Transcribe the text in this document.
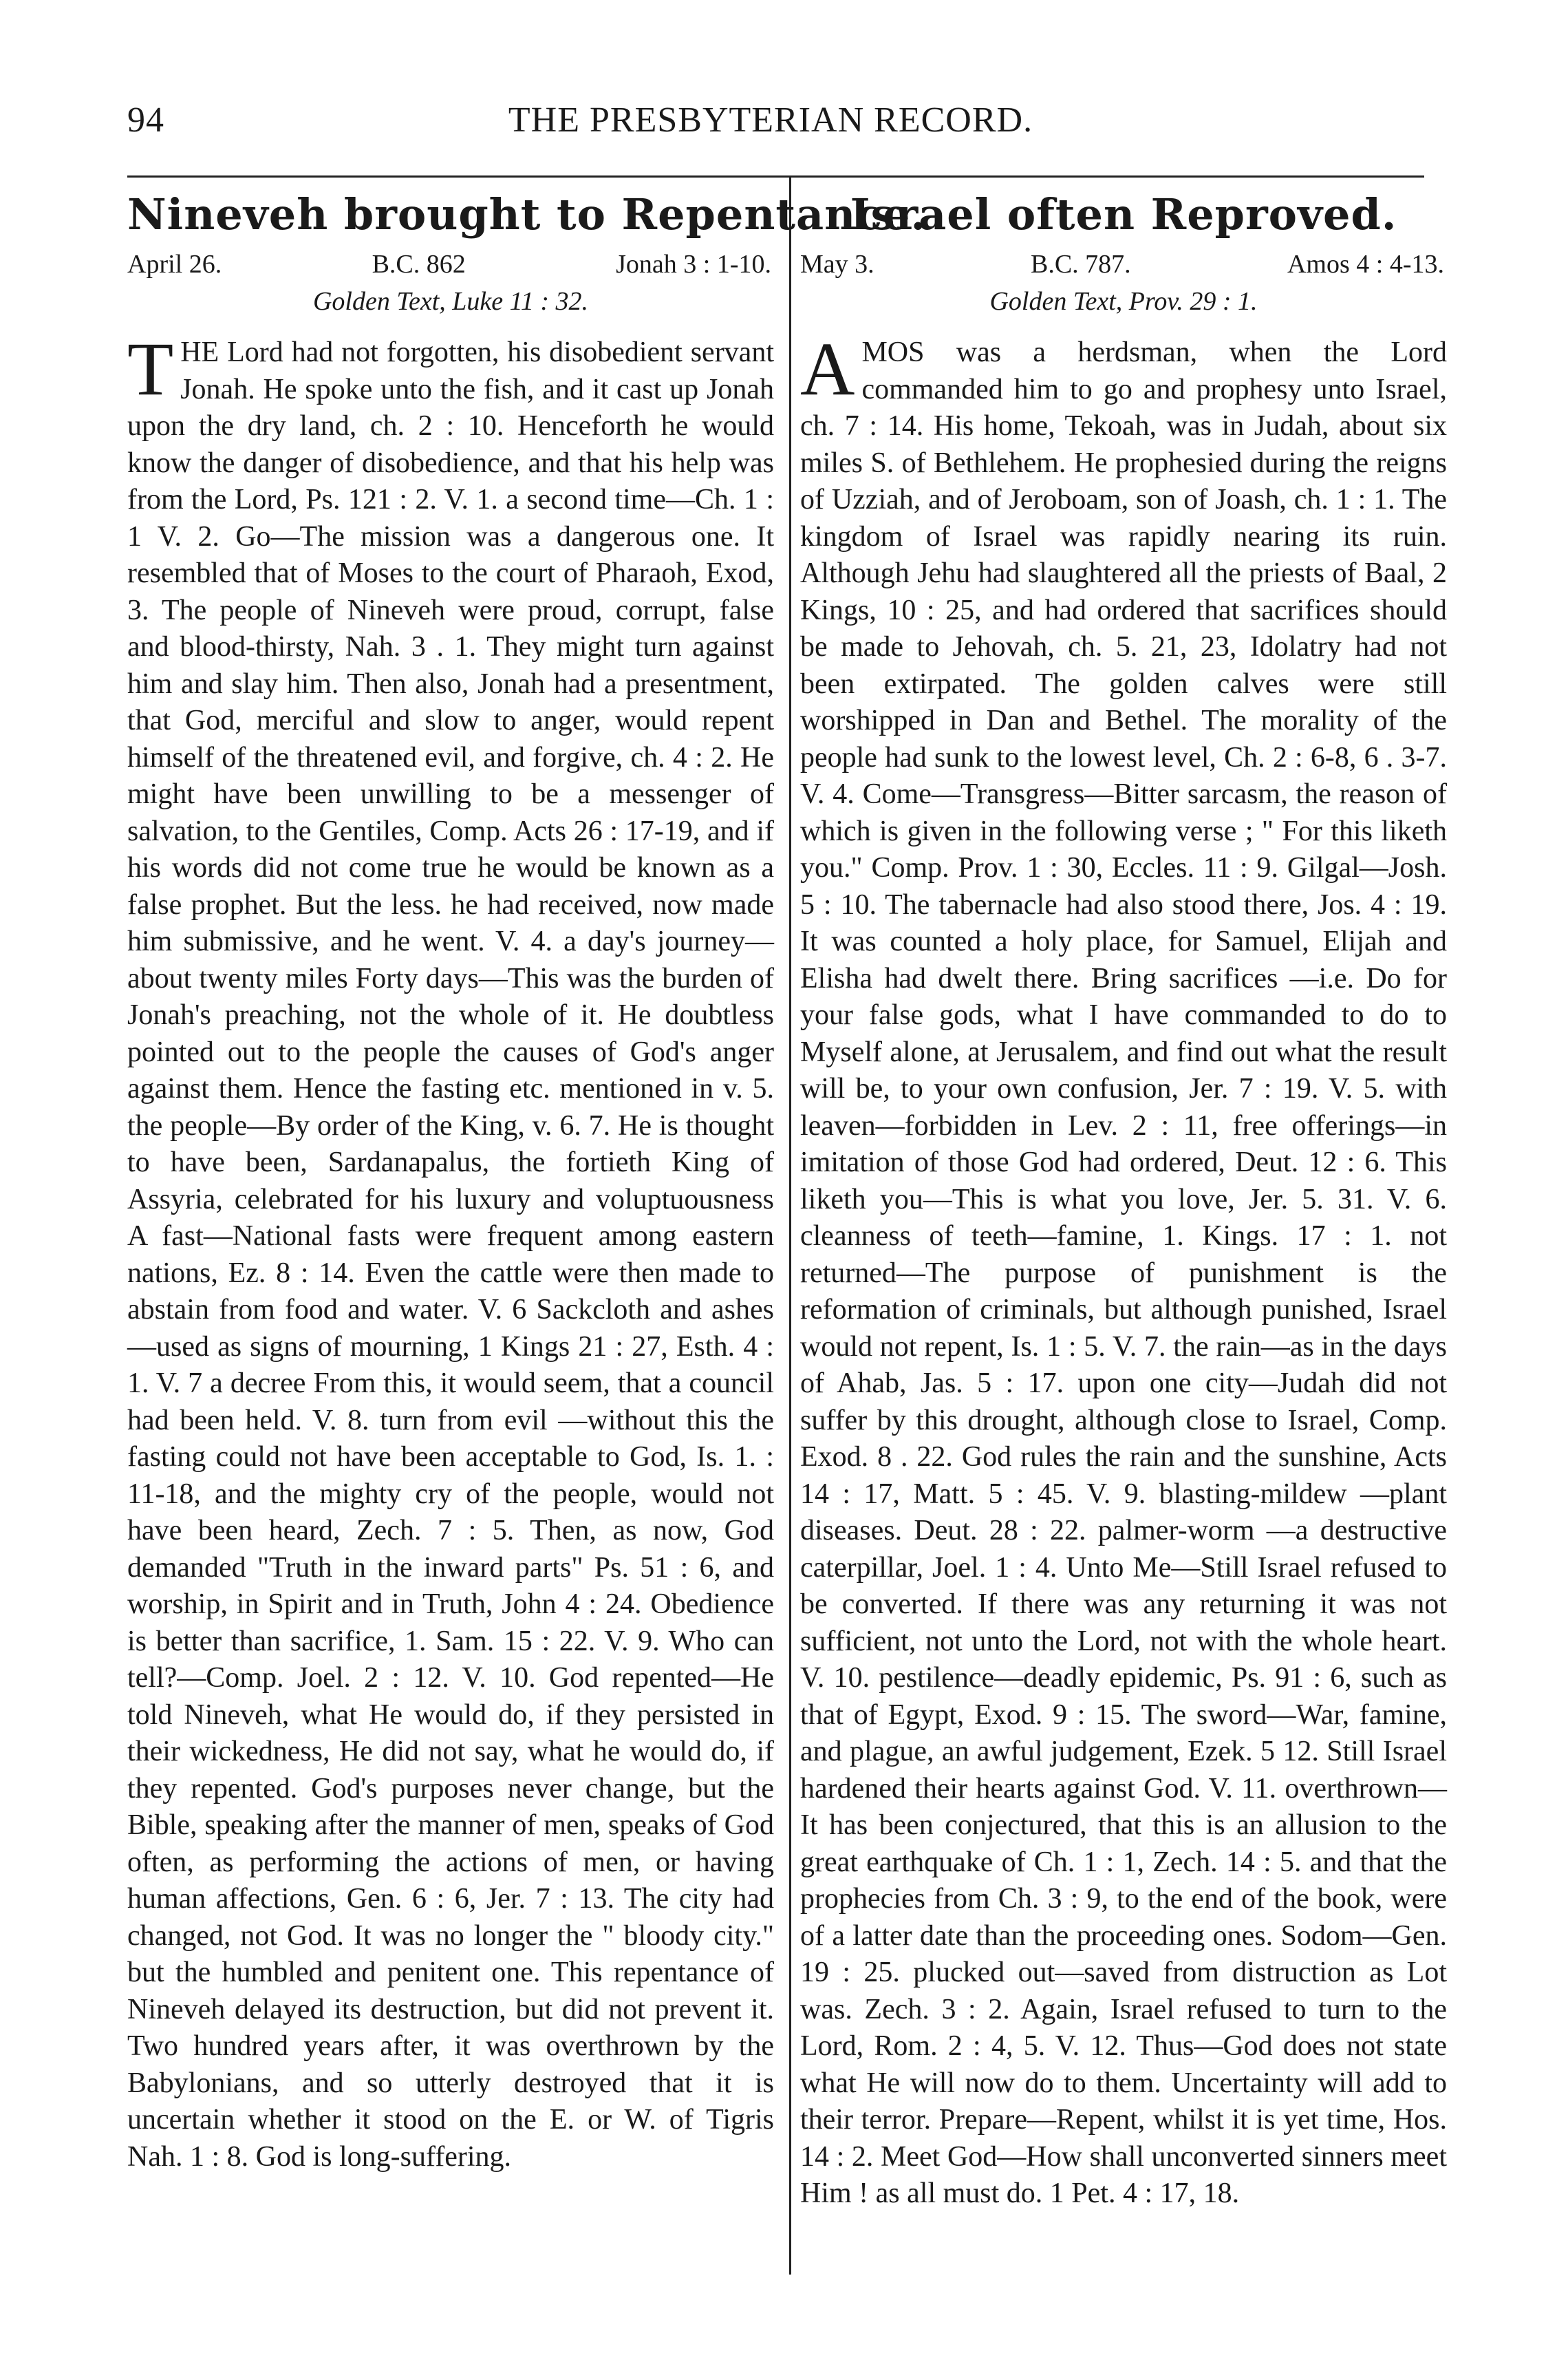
94	THE PRESBYTERIAN RECORD.
Nineveh brought to Repentance.
April 26.	B.C. 862	Jonah 3 : 1-10.
Golden Text, Luke 11 : 32.

THE Lord had not forgotten, his disobedient servant Jonah. He spoke unto the fish, and it cast up Jonah upon the dry land, ch. 2 : 10. Henceforth he would know the danger of disobedience, and that his help was from the Lord, Ps. 121 : 2. V. 1. a second time—Ch. 1 : 1 V. 2. Go—The mission was a dangerous one. It resembled that of Moses to the court of Pharaoh, Exod, 3. The people of Nineveh were proud, corrupt, false and blood-thirsty, Nah. 3 . 1. They might turn against him and slay him. Then also, Jonah had a presentment, that God, merciful and slow to anger, would repent himself of the threatened evil, and forgive, ch. 4 : 2. He might have been unwilling to be a messenger of salvation, to the Gentiles, Comp. Acts 26 : 17-19, and if his words did not come true he would be known as a false prophet. But the less. he had received, now made him submissive, and he went. V. 4. a day's journey—about twenty miles Forty days—This was the burden of Jonah's preaching, not the whole of it. He doubtless pointed out to the people the causes of God's anger against them. Hence the fasting etc. mentioned in v. 5. the people—By order of the King, v. 6. 7. He is thought to have been, Sardanapalus, the fortieth King of Assyria, celebrated for his luxury and voluptuousness A fast—National fasts were frequent among eastern nations, Ez. 8 : 14. Even the cattle were then made to abstain from food and water. V. 6 Sackcloth and ashes—used as signs of mourning, 1 Kings 21 : 27, Esth. 4 : 1. V. 7 a decree From this, it would seem, that a council had been held. V. 8. turn from evil —without this the fasting could not have been acceptable to God, Is. 1. : 11-18, and the mighty cry of the people, would not have been heard, Zech. 7 : 5. Then, as now, God demanded "Truth in the inward parts" Ps. 51 : 6, and worship, in Spirit and in Truth, John 4 : 24. Obedience is better than sacrifice, 1. Sam. 15 : 22. V. 9. Who can tell?—Comp. Joel. 2 : 12. V. 10. God repented—He told Nineveh, what He would do, if they persisted in their wickedness, He did not say, what he would do, if they repented. God's purposes never change, but the Bible, speaking after the manner of men, speaks of God often, as performing the actions of men, or having human affections, Gen. 6 : 6, Jer. 7 : 13. The city had changed, not God. It was no longer the " bloody city." but the humbled and penitent one. This repentance of Nineveh delayed its destruction, but did not prevent it. Two hundred years after, it was overthrown by the Babylonians, and so utterly destroyed that it is uncertain whether it stood on the E. or W. of Tigris Nah. 1 : 8. God is long-suffering.

Israel often Reproved.
May 3.	B.C. 787.	Amos 4 : 4-13.
Golden Text, Prov. 29 : 1.

AMOS was a herdsman, when the Lord commanded him to go and prophesy unto Israel, ch. 7 : 14. His home, Tekoah, was in Judah, about six miles S. of Bethlehem. He prophesied during the reigns of Uzziah, and of Jeroboam, son of Joash, ch. 1 : 1. The kingdom of Israel was rapidly nearing its ruin. Although Jehu had slaughtered all the priests of Baal, 2 Kings, 10 : 25, and had ordered that sacrifices should be made to Jehovah, ch. 5. 21, 23, Idolatry had not been extirpated. The golden calves were still worshipped in Dan and Bethel. The morality of the people had sunk to the lowest level, Ch. 2 : 6-8, 6 . 3-7. V. 4. Come—Transgress—Bitter sarcasm, the reason of which is given in the following verse ; " For this liketh you." Comp. Prov. 1 : 30, Eccles. 11 : 9. Gilgal—Josh. 5 : 10. The tabernacle had also stood there, Jos. 4 : 19. It was counted a holy place, for Samuel, Elijah and Elisha had dwelt there. Bring sacrifices —i.e. Do for your false gods, what I have commanded to do to Myself alone, at Jerusalem, and find out what the result will be, to your own confusion, Jer. 7 : 19. V. 5. with leaven—forbidden in Lev. 2 : 11, free offerings—in imitation of those God had ordered, Deut. 12 : 6. This liketh you—This is what you love, Jer. 5. 31. V. 6. cleanness of teeth—famine, 1. Kings. 17 : 1. not returned—The purpose of punishment is the reformation of criminals, but although punished, Israel would not repent, Is. 1 : 5. V. 7. the rain—as in the days of Ahab, Jas. 5 : 17. upon one city—Judah did not suffer by this drought, although close to Israel, Comp. Exod. 8 . 22. God rules the rain and the sunshine, Acts 14 : 17, Matt. 5 : 45. V. 9. blasting-mildew —plant diseases. Deut. 28 : 22. palmer-worm —a destructive caterpillar, Joel. 1 : 4. Unto Me—Still Israel refused to be converted. If there was any returning it was not sufficient, not unto the Lord, not with the whole heart. V. 10. pestilence—deadly epidemic, Ps. 91 : 6, such as that of Egypt, Exod. 9 : 15. The sword—War, famine, and plague, an awful judgement, Ezek. 5 12. Still Israel hardened their hearts against God. V. 11. overthrown—It has been conjectured, that this is an allusion to the great earthquake of Ch. 1 : 1, Zech. 14 : 5. and that the prophecies from Ch. 3 : 9, to the end of the book, were of a latter date than the proceeding ones. Sodom—Gen. 19 : 25. plucked out—saved from distruction as Lot was. Zech. 3 : 2. Again, Israel refused to turn to the Lord, Rom. 2 : 4, 5. V. 12. Thus—God does not state what He will now do to them. Uncertainty will add to their terror. Prepare—Repent, whilst it is yet time, Hos. 14 : 2. Meet God—How shall unconverted sinners meet Him ! as all must do. 1 Pet. 4 : 17, 18.
